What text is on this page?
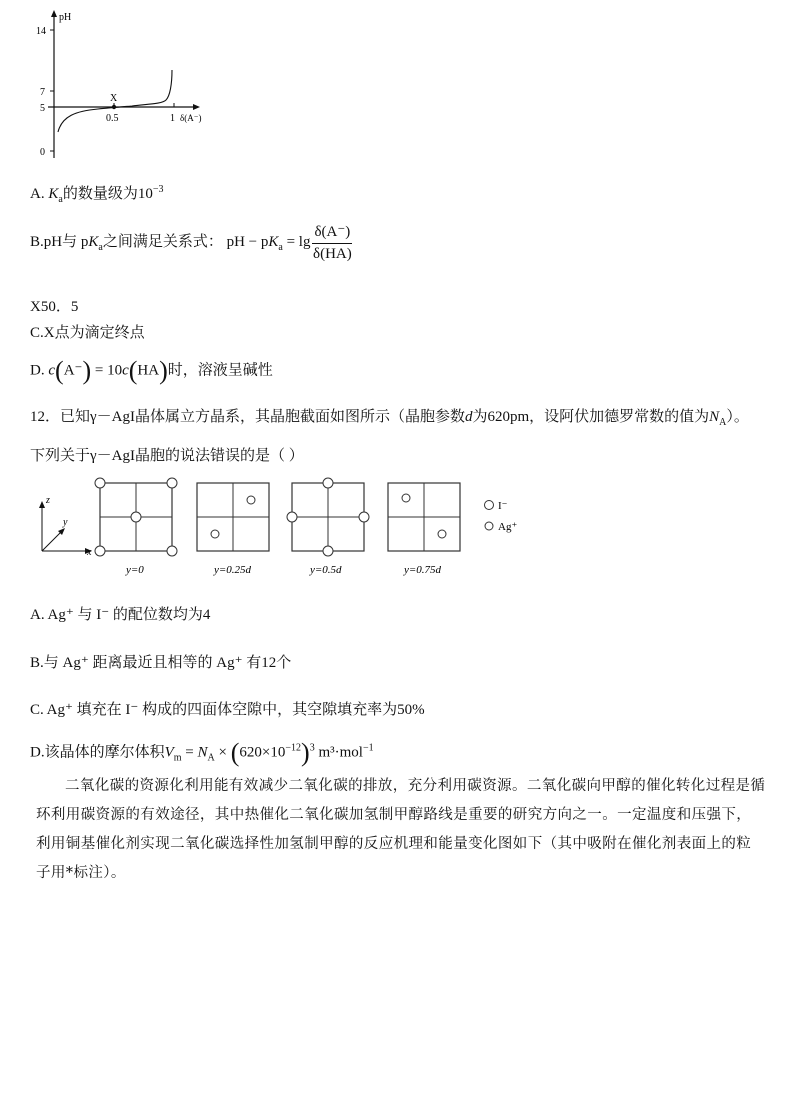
pH
14
7
5
0
0.5	1 δ(A⁻)
X
A. $K_a$的数量级为$10^{-3}$
B.pH与 $pK_a$之间满足关系式： pH − $pK_a = \lg \frac{\delta(A^-)}{\delta(HA)}$
X50．5
C.X点为滴定终点
D. c(A⁻) = 10c(HA)时，溶液呈碱性
12．已知γ－AgI晶体属立方晶系，其晶胞截面如图所示（晶胞参数d为620pm，设阿伏加德罗常数的值为$N_A$）。
下列关于γ－AgI晶胞的说法错误的是（ ）
z
x
y
y=0	y=0.25d	y=0.5d	y=0.75d
I⁻
Ag⁺
A. Ag⁺ 与 I⁻ 的配位数均为4
B.与 Ag⁺ 距离最近且相等的 Ag⁺ 有12个
C. Ag⁺ 填充在 I⁻ 构成的四面体空隙中，其空隙填充率为50%
D.该晶体的摩尔体积$V_m = N_A \times (620\times 10^{-12})^3$ m³·mol$^{-1}$
二氧化碳的资源化利用能有效减少二氧化碳的排放，充分利用碳资源。二氧化碳向甲醇的催化转化过程是循环利用碳资源的有效途径，其中热催化二氧化碳加氢制甲醇路线是重要的研究方向之一。一定温度和压强下，利用铜基催化剂实现二氧化碳选择性加氢制甲醇的反应机理和能量变化图如下（其中吸附在催化剂表面上的粒子用*标注）。
